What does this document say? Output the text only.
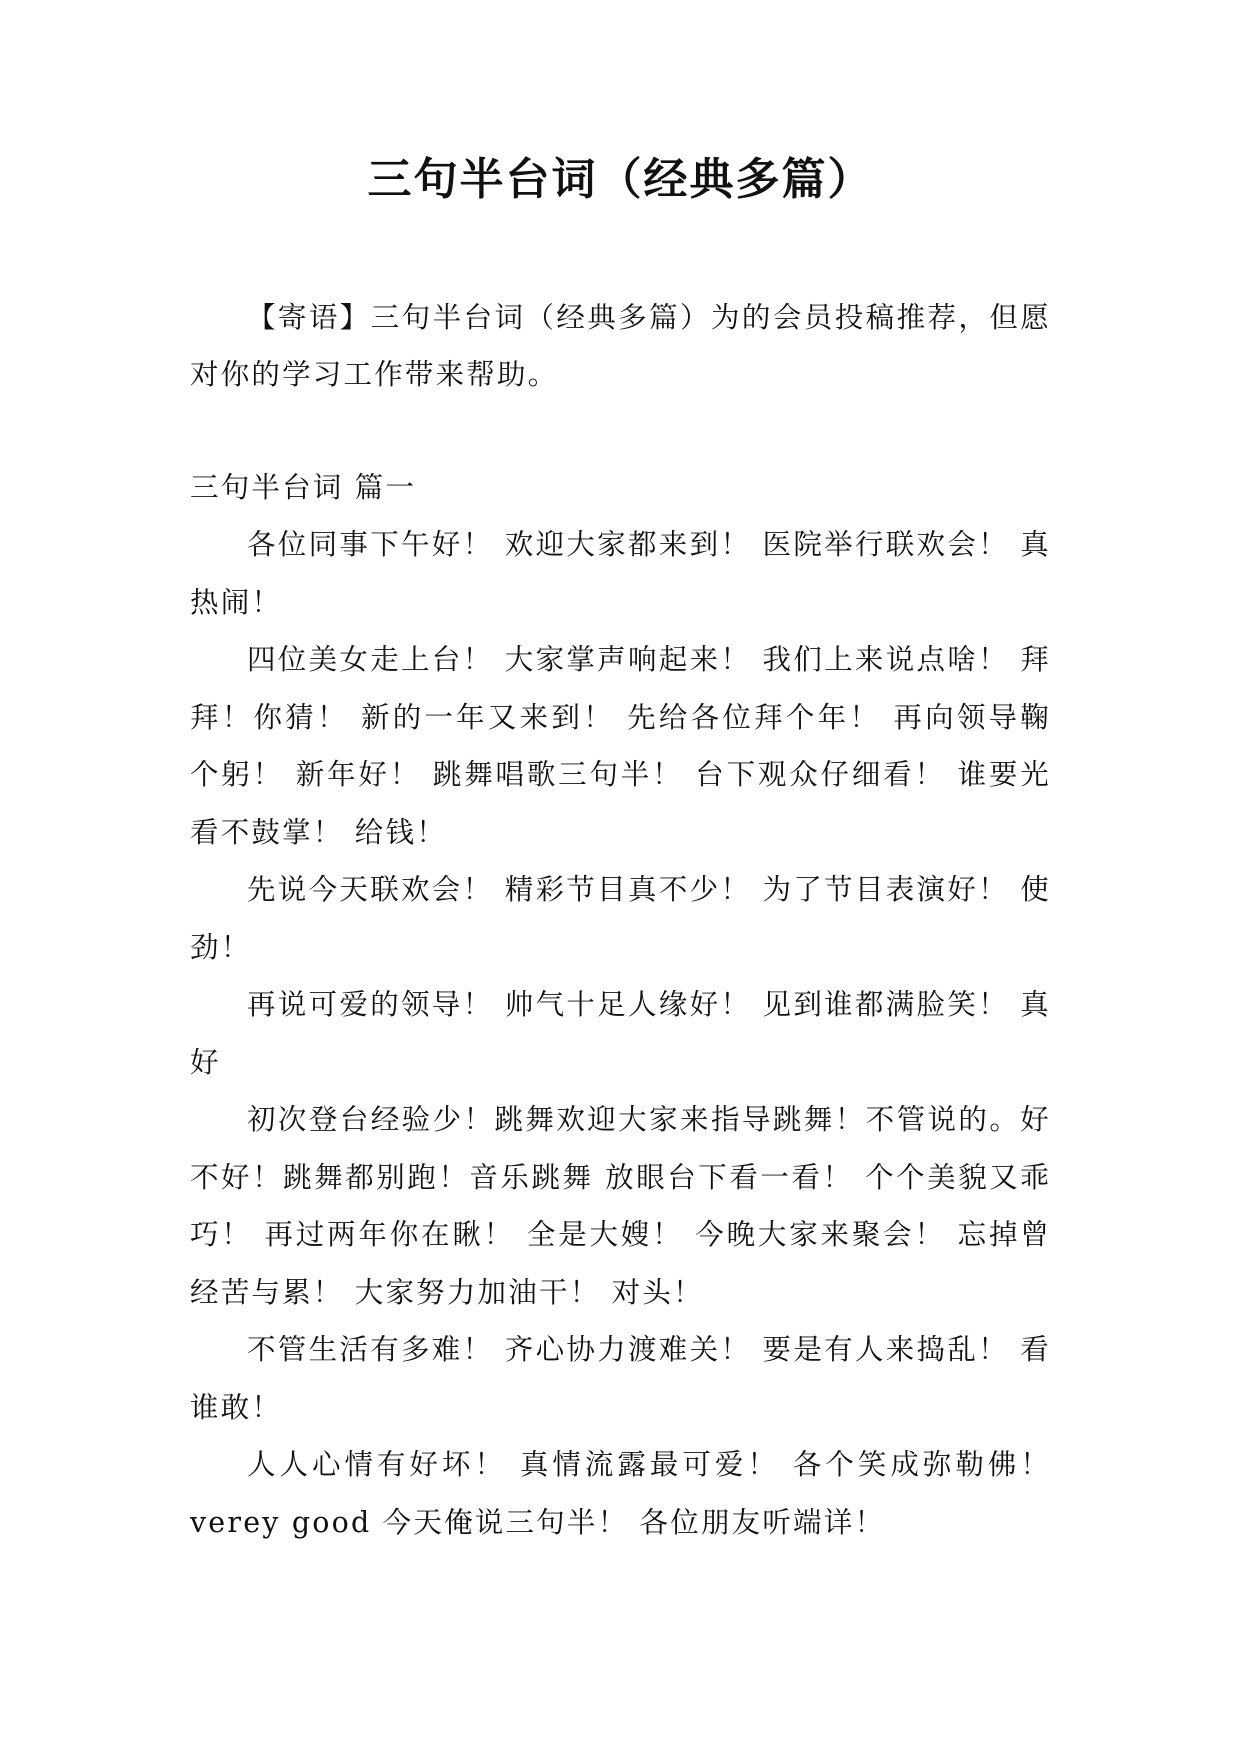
三句半台词（经典多篇）

【寄语】三句半台词（经典多篇）为的会员投稿推荐，但愿对你的学习工作带来帮助。

三句半台词 篇一

各位同事下午好！ 欢迎大家都来到！ 医院举行联欢会！ 真热闹！

四位美女走上台！ 大家掌声响起来！ 我们上来说点啥！ 拜拜！你猜！ 新的一年又来到！ 先给各位拜个年！ 再向领导鞠个躬！ 新年好！ 跳舞唱歌三句半！ 台下观众仔细看！ 谁要光看不鼓掌！ 给钱！

先说今天联欢会！ 精彩节目真不少！ 为了节目表演好！ 使劲！

再说可爱的领导！ 帅气十足人缘好！ 见到谁都满脸笑！ 真好

初次登台经验少！跳舞欢迎大家来指导跳舞！不管说的。好不好！跳舞都别跑！音乐跳舞 放眼台下看一看！ 个个美貌又乖巧！ 再过两年你在瞅！ 全是大嫂！ 今晚大家来聚会！ 忘掉曾经苦与累！ 大家努力加油干！ 对头！

不管生活有多难！ 齐心协力渡难关！ 要是有人来捣乱！ 看谁敢！

人人心情有好坏！ 真情流露最可爱！ 各个笑成弥勒佛！ verey good 今天俺说三句半！ 各位朋友听端详！
